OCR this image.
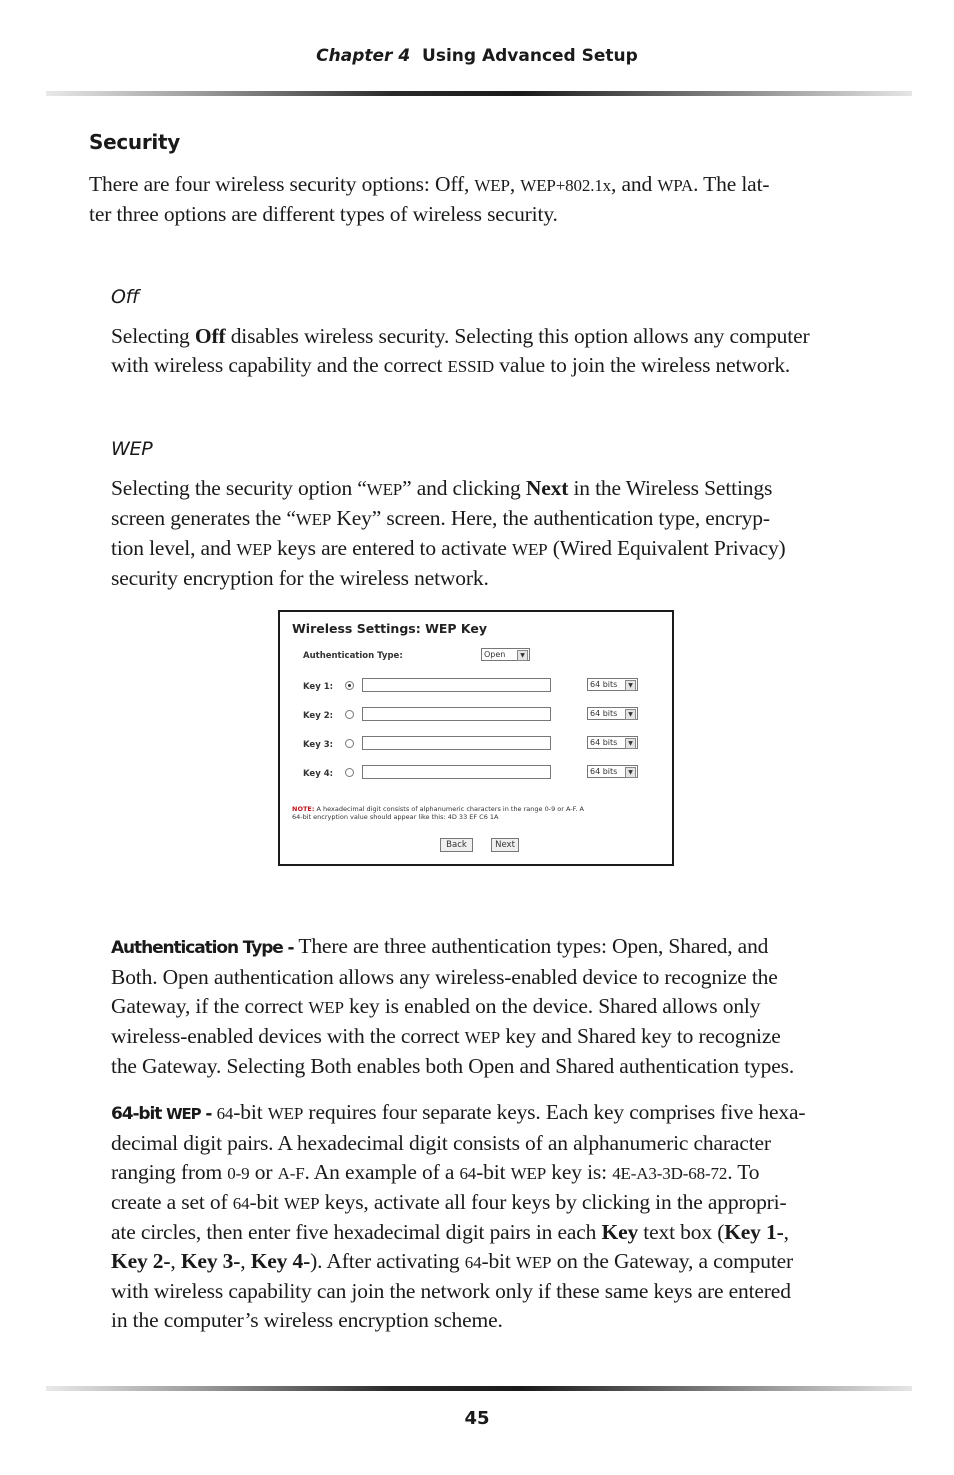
Chapter 4 Using Advanced Setup
Security

There are four wireless security options: Off, WEP, WEP+802.1x, and WPA. The lat-
ter three options are different types of wireless security.

Off

Selecting Off disables wireless security. Selecting this option allows any computer
with wireless capability and the correct ESSID value to join the wireless network.

WEP

Selecting the security option “WEP” and clicking Next in the Wireless Settings
screen generates the “WEP Key” screen. Here, the authentication type, encryp-
tion level, and WEP keys are entered to activate WEP (Wired Equivalent Privacy)
security encryption for the wireless network.

Wireless Settings: WEP Key
Authentication Type:	Open	▼
Key 1:	64 bits	▼
Key 2:	64 bits	▼
Key 3:	64 bits	▼
Key 4:	64 bits	▼
NOTE: A hexadecimal digit consists of alphanumeric characters in the range 0-9 or A-F. A
64-bit encryption value should appear like this: 4D 33 EF C6 1A
Back	Next

Authentication Type - There are three authentication types: Open, Shared, and
Both. Open authentication allows any wireless-enabled device to recognize the
Gateway, if the correct WEP key is enabled on the device. Shared allows only
wireless-enabled devices with the correct WEP key and Shared key to recognize
the Gateway. Selecting Both enables both Open and Shared authentication types.

64-bit WEP - 64-bit WEP requires four separate keys. Each key comprises five hexa-
decimal digit pairs. A hexadecimal digit consists of an alphanumeric character
ranging from 0-9 or A-F. An example of a 64-bit WEP key is: 4E-A3-3D-68-72. To
create a set of 64-bit WEP keys, activate all four keys by clicking in the appropri-
ate circles, then enter five hexadecimal digit pairs in each Key text box (Key 1-,
Key 2-, Key 3-, Key 4-). After activating 64-bit WEP on the Gateway, a computer
with wireless capability can join the network only if these same keys are entered
in the computer’s wireless encryption scheme.

45
